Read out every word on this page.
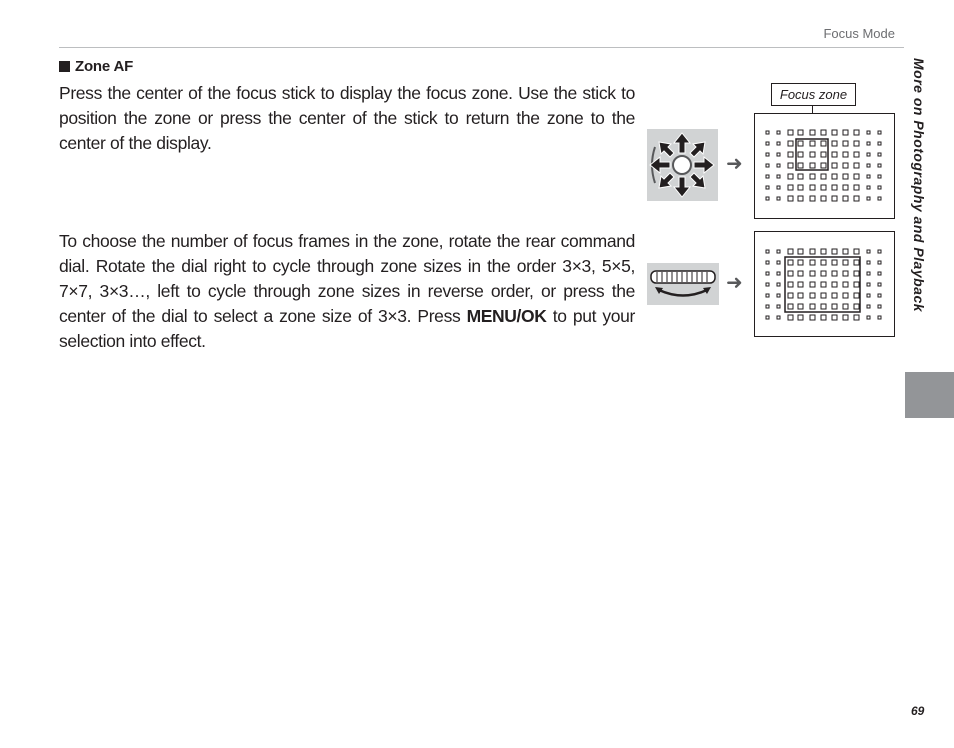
Focus Mode
Zone AF
Press the center of the focus stick to display the focus zone. Use the stick to position the zone or press the center of the stick to return the zone to the center of the display.
To choose the number of focus frames in the zone, rotate the rear command dial. Rotate the dial right to cycle through zone sizes in the order 3×3, 5×5, 7×7, 3×3…, left to cycle through zone sizes in reverse order, or press the center of the dial to select a zone size of 3×3. Press MENU/OK to put your selection into effect.
➜
Focus zone
➜	More on Photography and Playback
69
